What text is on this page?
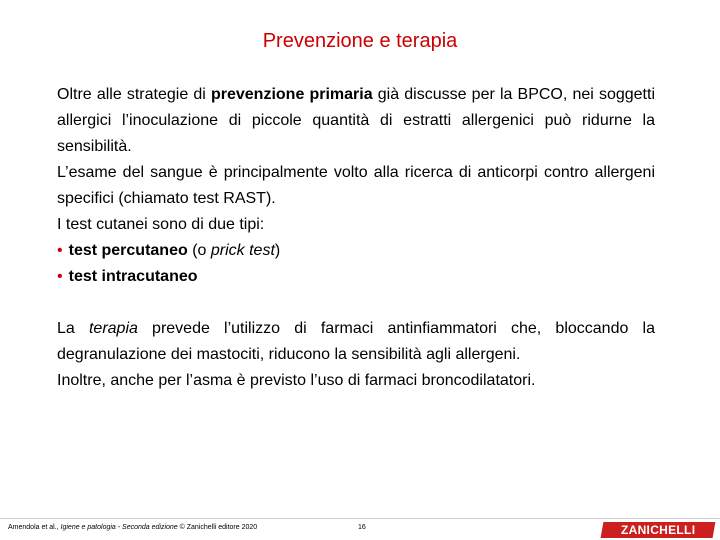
Prevenzione e terapia

Oltre alle strategie di prevenzione primaria già discusse per la BPCO, nei soggetti allergici l’inoculazione di piccole quantità di estratti allergenici può ridurne la sensibilità.

L’esame del sangue è principalmente volto alla ricerca di anticorpi contro allergeni specifici (chiamato test RAST).

I test cutanei sono di due tipi:

• test percutaneo (o prick test)

• test intracutaneo

La terapia prevede l’utilizzo di farmaci antinfiammatori che, bloccando la degranulazione dei mastociti, riducono la sensibilità agli allergeni.

Inoltre, anche per l’asma è previsto l’uso di farmaci broncodilatatori.

Amendola et al., Igiene e patologia - Seconda edizione © Zanichelli editore 2020	16	ZANICHELLI
